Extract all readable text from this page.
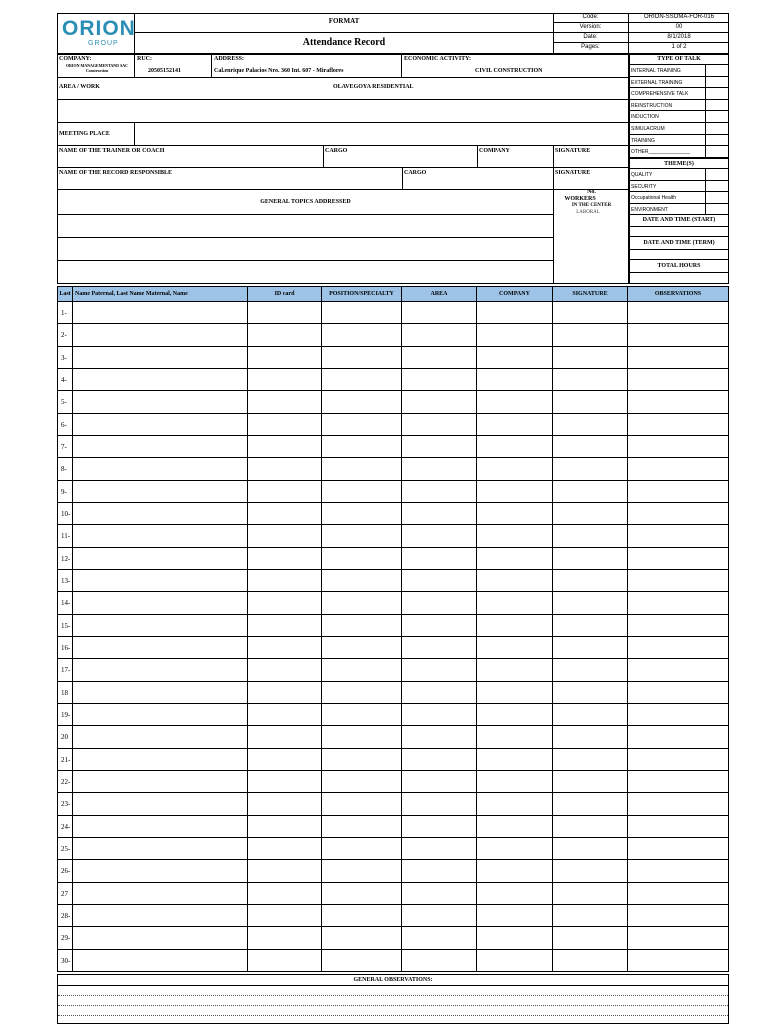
ORION
GROUP
FORMAT
Attendance Record
Code:	ORION-SSOMA-FOR-016
Version:	00
Date:	8/1/2018
Pages:	1 of 2
COMPANY:
ORION MANAGEMENTAND SAC Construction
RUC:
20505152141
ADDRESS:
Cal.enrique Palacios Nro. 360 Int. 607 - Miraflores
ECONOMIC ACTIVITY:
CIVIL CONSTRUCTION
AREA / WORK	OLAVEGOYA RESIDENTIAL
MEETING PLACE
NAME OF THE TRAINER OR COACH	CARGO	COMPANY	SIGNATURE
NAME OF THE RECORD RESPONSIBLE	CARGO	SIGNATURE
GENERAL TOPICS ADDRESSED
No.
WORKERS
IN THE CENTER
LABORAL
TYPE OF TALK
INTERNAL TRAINING
EXTERNAL TRAINING
COMPREHENSIVE TALK
REINSTRUCTION
INDUCTION
SIMULACRUM
TRAINING
OTHER_______________
THEME(S)
QUALITY
SECURITY
Occupational Health
ENVIRONMENT
DATE AND TIME (START)
DATE AND TIME (TERM)
TOTAL HOURS
Last Name Paternal, Last Name Maternal, Name	ID card	POSITION/SPECIALTY	AREA	COMPANY	SIGNATURE	OBSERVATIONS
1-
2-
3-
4-
5-
6-
7-
8-
9-
10-
11-
12-
13-
14-
15-
16-
17-
18
19-
20
21-
22-
23-
24-
25-
26-
27
28-
29-
30-
GENERAL OBSERVATIONS:
